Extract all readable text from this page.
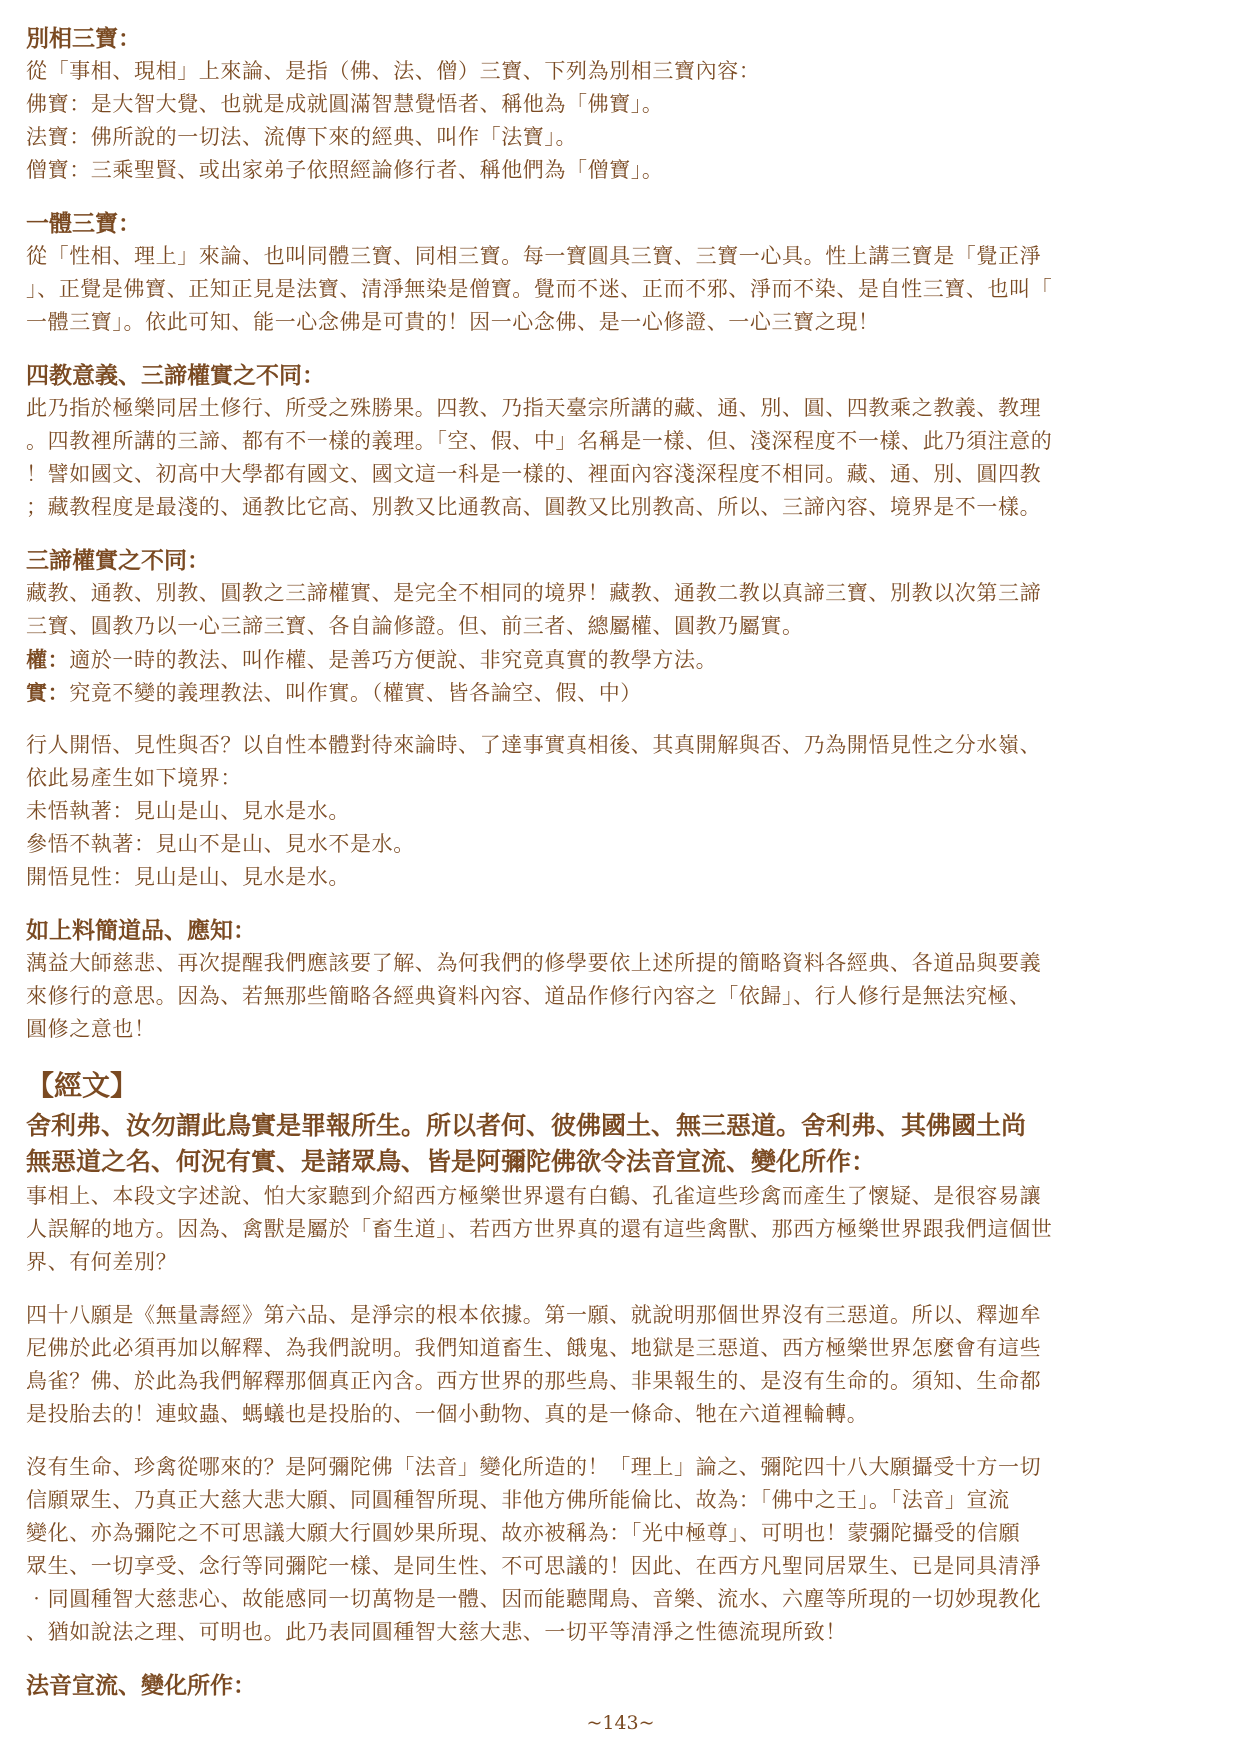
別相三寶：

從「事相、現相」上來論、是指（佛、法、僧）三寶、下列為別相三寶內容：

佛寶：是大智大覺、也就是成就圓滿智慧覺悟者、稱他為「佛寶」。

法寶：佛所說的一切法、流傳下來的經典、叫作「法寶」。

僧寶：三乘聖賢、或出家弟子依照經論修行者、稱他們為「僧寶」。

一體三寶：

從「性相、理上」來論、也叫同體三寶、同相三寶。每一寶圓具三寶、三寶一心具。性上講三寶是「覺正淨

」、正覺是佛寶、正知正見是法寶、清淨無染是僧寶。覺而不迷、正而不邪、淨而不染、是自性三寶、也叫「

一體三寶」。依此可知、能一心念佛是可貴的！因一心念佛、是一心修證、一心三寶之現！

四教意義、三諦權實之不同：

此乃指於極樂同居土修行、所受之殊勝果。四教、乃指天臺宗所講的藏、通、別、圓、四教乘之教義、教理

。四教裡所講的三諦、都有不一樣的義理。「空、假、中」名稱是一樣、但、淺深程度不一樣、此乃須注意的

！譬如國文、初高中大學都有國文、國文這一科是一樣的、裡面內容淺深程度不相同。藏、通、別、圓四教

；藏教程度是最淺的、通教比它高、別教又比通教高、圓教又比別教高、所以、三諦內容、境界是不一樣。

三諦權實之不同：

藏教、通教、別教、圓教之三諦權實、是完全不相同的境界！藏教、通教二教以真諦三寶、別教以次第三諦

三寶、圓教乃以一心三諦三寶、各自論修證。但、前三者、總屬權、圓教乃屬實。

權：適於一時的教法、叫作權、是善巧方便說、非究竟真實的教學方法。

實：究竟不變的義理教法、叫作實。（權實、皆各論空、假、中）

行人開悟、見性與否？以自性本體對待來論時、了達事實真相後、其真開解與否、乃為開悟見性之分水嶺、

依此易產生如下境界：

未悟執著：見山是山、見水是水。

參悟不執著：見山不是山、見水不是水。

開悟見性：見山是山、見水是水。

如上料簡道品、應知：

蕅益大師慈悲、再次提醒我們應該要了解、為何我們的修學要依上述所提的簡略資料各經典、各道品與要義

來修行的意思。因為、若無那些簡略各經典資料內容、道品作修行內容之「依歸」、行人修行是無法究極、

圓修之意也！

【經文】

舍利弗、汝勿謂此鳥實是罪報所生。所以者何、彼佛國土、無三惡道。舍利弗、其佛國土尚

無惡道之名、何況有實、是諸眾鳥、皆是阿彌陀佛欲令法音宣流、變化所作：

事相上、本段文字述說、怕大家聽到介紹西方極樂世界還有白鶴、孔雀這些珍禽而產生了懷疑、是很容易讓

人誤解的地方。因為、禽獸是屬於「畜生道」、若西方世界真的還有這些禽獸、那西方極樂世界跟我們這個世

界、有何差別？

四十八願是《無量壽經》第六品、是淨宗的根本依據。第一願、就說明那個世界沒有三惡道。所以、釋迦牟

尼佛於此必須再加以解釋、為我們說明。我們知道畜生、餓鬼、地獄是三惡道、西方極樂世界怎麼會有這些

鳥雀？佛、於此為我們解釋那個真正內含。西方世界的那些鳥、非果報生的、是沒有生命的。須知、生命都

是投胎去的！連蚊蟲、螞蟻也是投胎的、一個小動物、真的是一條命、牠在六道裡輪轉。

沒有生命、珍禽從哪來的？是阿彌陀佛「法音」變化所造的！「理上」論之、彌陀四十八大願攝受十方一切

信願眾生、乃真正大慈大悲大願、同圓種智所現、非他方佛所能倫比、故為：「佛中之王」。「法音」宣流

變化、亦為彌陀之不可思議大願大行圓妙果所現、故亦被稱為：「光中極尊」、可明也！蒙彌陀攝受的信願

眾生、一切享受、念行等同彌陀一樣、是同生性、不可思議的！因此、在西方凡聖同居眾生、已是同具清淨

‧同圓種智大慈悲心、故能感同一切萬物是一體、因而能聽聞鳥、音樂、流水、六塵等所現的一切妙現教化

、猶如說法之理、可明也。此乃表同圓種智大慈大悲、一切平等清淨之性德流現所致！

法音宣流、變化所作：

~143~
